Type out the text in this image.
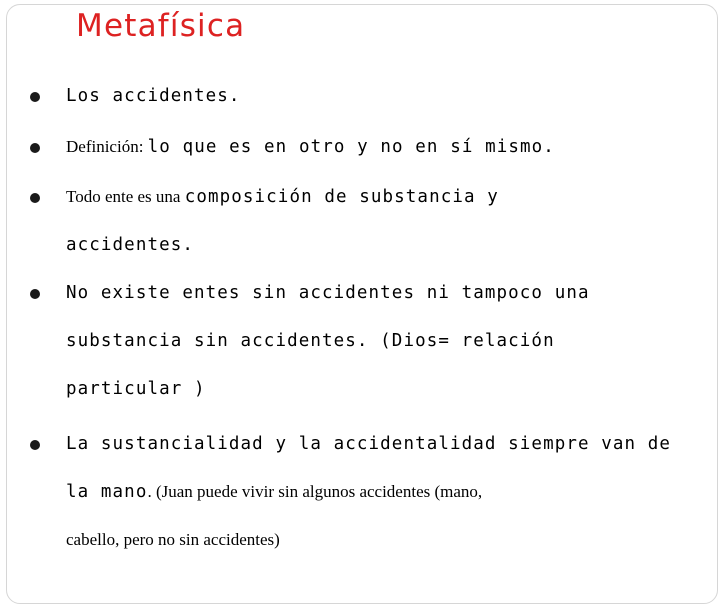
Metafísica
Los accidentes.
Definición: lo que es en otro y no en sí mismo.
Todo ente es una composición de substancia y
accidentes.
No existe entes sin accidentes ni tampoco una
substancia sin accidentes. (Dios= relación
particular )
La sustancialidad y la accidentalidad siempre van de
la mano. (Juan puede vivir sin algunos accidentes (mano,
cabello, pero no sin accidentes)
